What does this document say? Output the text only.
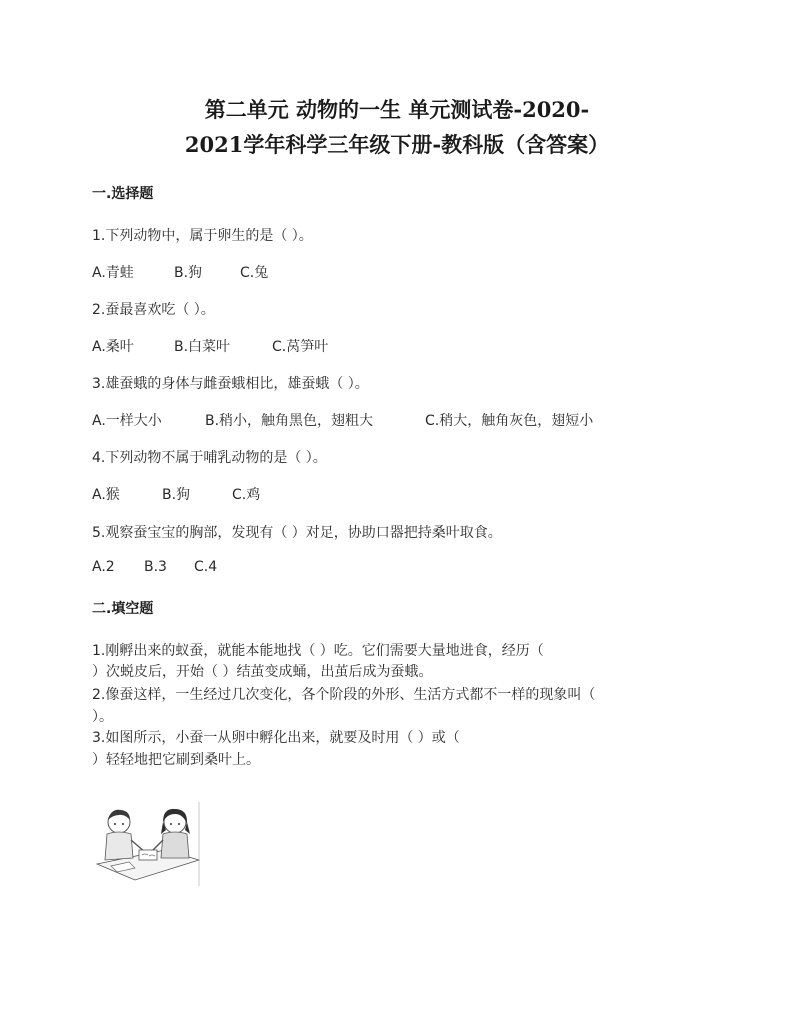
第二单元 动物的一生 单元测试卷-2020-
2021学年科学三年级下册-教科版（含答案）
一.选择题
1.下列动物中，属于卵生的是（ ）。
A.青蛙	B.狗	C.兔
2.蚕最喜欢吃（ ）。
A.桑叶	B.白菜叶	C.莴笋叶
3.雄蚕蛾的身体与雌蚕蛾相比，雄蚕蛾（ ）。
A.一样大小	B.稍小，触角黑色，翅粗大	C.稍大，触角灰色，翅短小
4.下列动物不属于哺乳动物的是（ ）。
A.猴	B.狗	C.鸡
5.观察蚕宝宝的胸部，发现有（ ）对足，协助口器把持桑叶取食。
A.2 B.3 C.4
二.填空题
1.刚孵出来的蚁蚕，就能本能地找（ ）吃。它们需要大量地进食，经历（
）次蜕皮后，开始（ ）结茧变成蛹，出茧后成为蚕蛾。
2.像蚕这样，一生经过几次变化，各个阶段的外形、生活方式都不一样的现象叫（
）。
3.如图所示，小蚕一从卵中孵化出来，就要及时用（ ）或（
）轻轻地把它刷到桑叶上。
